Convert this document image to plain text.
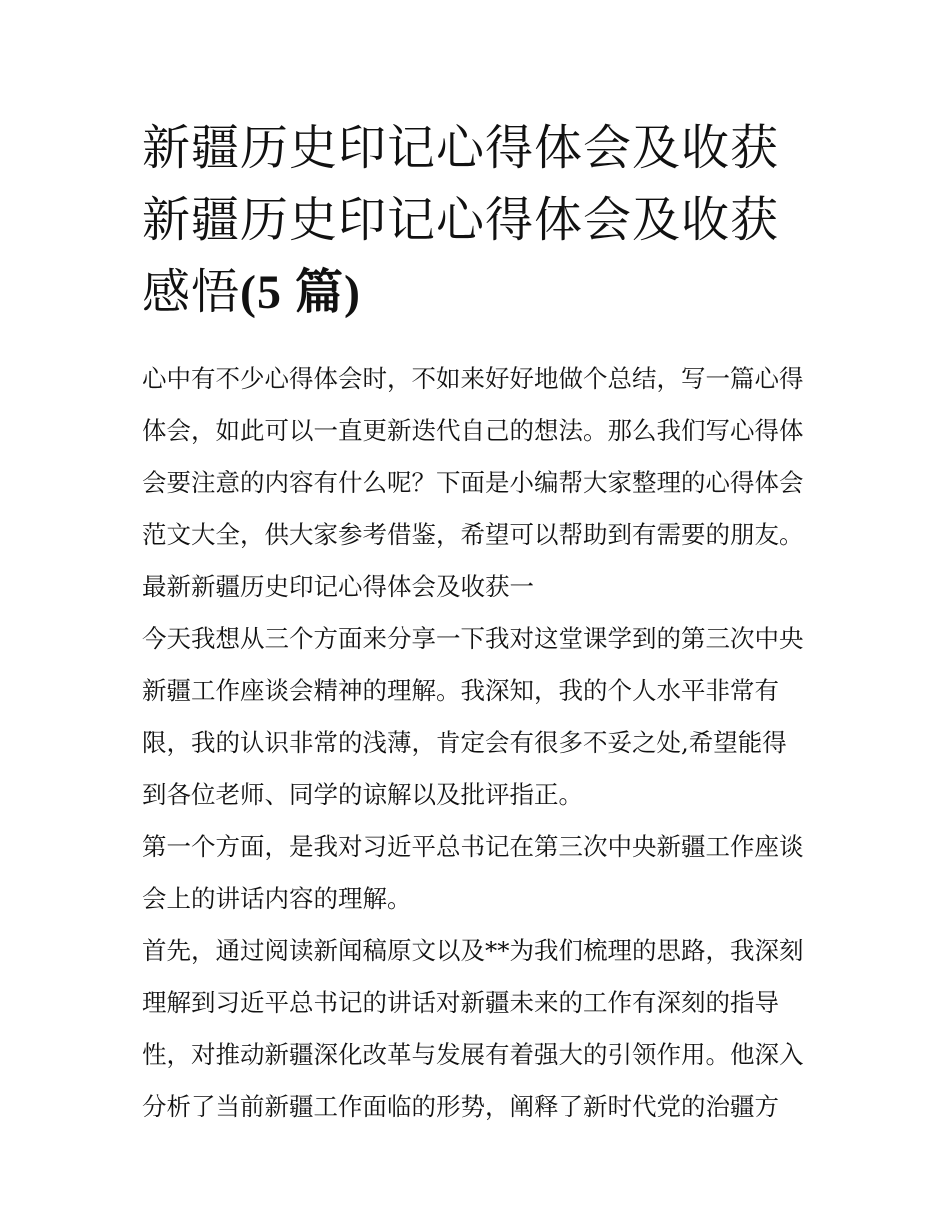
新疆历史印记心得体会及收获
新疆历史印记心得体会及收获
感悟(5 篇)
心中有不少心得体会时，不如来好好地做个总结，写一篇心得
体会，如此可以一直更新迭代自己的想法。那么我们写心得体
会要注意的内容有什么呢？下面是小编帮大家整理的心得体会
范文大全，供大家参考借鉴，希望可以帮助到有需要的朋友。
最新新疆历史印记心得体会及收获一
今天我想从三个方面来分享一下我对这堂课学到的第三次中央
新疆工作座谈会精神的理解。我深知，我的个人水平非常有
限，我的认识非常的浅薄，肯定会有很多不妥之处,希望能得
到各位老师、同学的谅解以及批评指正。
第一个方面，是我对习近平总书记在第三次中央新疆工作座谈
会上的讲话内容的理解。
首先，通过阅读新闻稿原文以及**为我们梳理的思路，我深刻
理解到习近平总书记的讲话对新疆未来的工作有深刻的指导
性，对推动新疆深化改革与发展有着强大的引领作用。他深入
分析了当前新疆工作面临的形势，阐释了新时代党的治疆方
